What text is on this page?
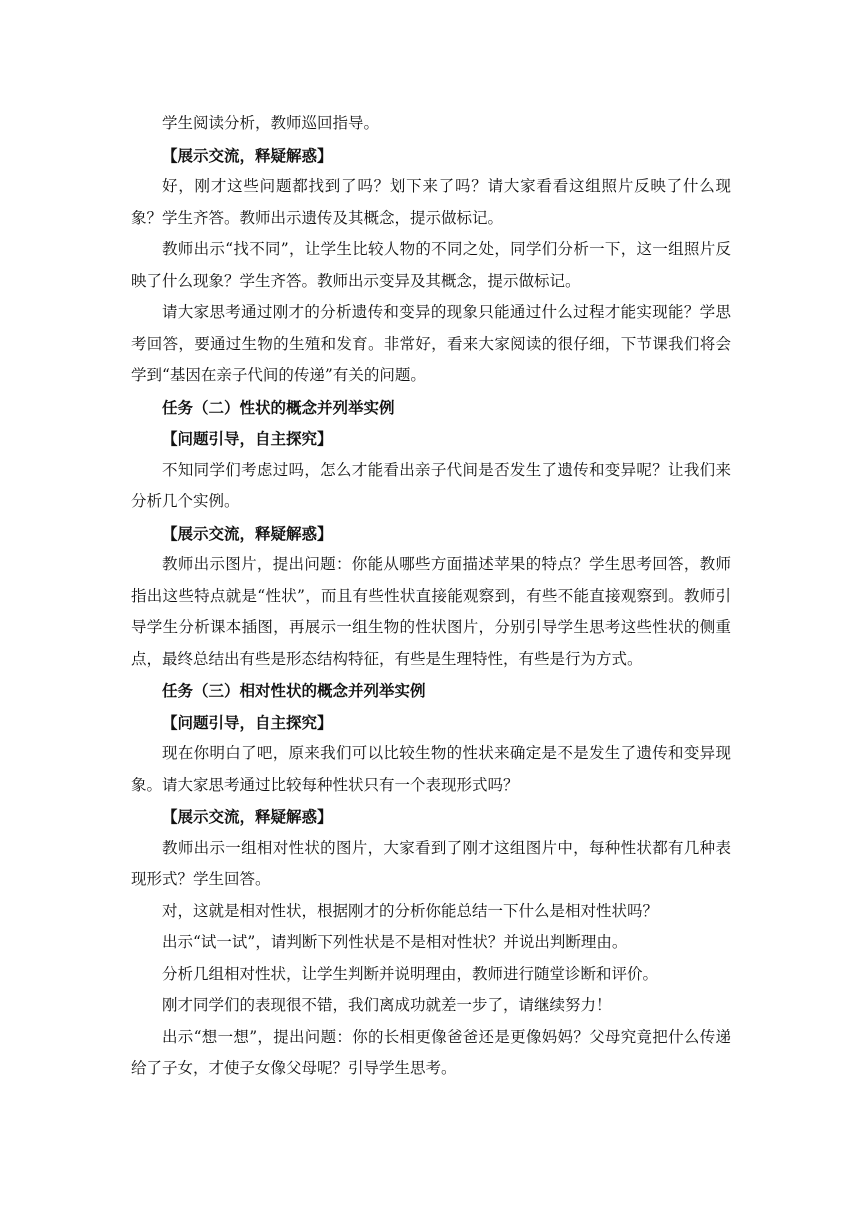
学生阅读分析，教师巡回指导。

【展示交流，释疑解惑】

好，刚才这些问题都找到了吗？划下来了吗？请大家看看这组照片反映了什么现象？学生齐答。教师出示遗传及其概念，提示做标记。

教师出示“找不同”，让学生比较人物的不同之处，同学们分析一下，这一组照片反映了什么现象？学生齐答。教师出示变异及其概念，提示做标记。

请大家思考通过刚才的分析遗传和变异的现象只能通过什么过程才能实现能？学思考回答，要通过生物的生殖和发育。非常好，看来大家阅读的很仔细，下节课我们将会学到“基因在亲子代间的传递”有关的问题。

任务（二）性状的概念并列举实例

【问题引导，自主探究】

不知同学们考虑过吗，怎么才能看出亲子代间是否发生了遗传和变异呢？让我们来分析几个实例。

【展示交流，释疑解惑】

教师出示图片，提出问题：你能从哪些方面描述苹果的特点？学生思考回答，教师指出这些特点就是“性状”，而且有些性状直接能观察到，有些不能直接观察到。教师引导学生分析课本插图，再展示一组生物的性状图片，分别引导学生思考这些性状的侧重点，最终总结出有些是形态结构特征，有些是生理特性，有些是行为方式。

任务（三）相对性状的概念并列举实例

【问题引导，自主探究】

现在你明白了吧，原来我们可以比较生物的性状来确定是不是发生了遗传和变异现象。请大家思考通过比较每种性状只有一个表现形式吗？

【展示交流，释疑解惑】

教师出示一组相对性状的图片，大家看到了刚才这组图片中，每种性状都有几种表现形式？学生回答。

对，这就是相对性状，根据刚才的分析你能总结一下什么是相对性状吗？

出示“试一试”，请判断下列性状是不是相对性状？并说出判断理由。

分析几组相对性状，让学生判断并说明理由，教师进行随堂诊断和评价。

刚才同学们的表现很不错，我们离成功就差一步了，请继续努力！

出示“想一想”，提出问题：你的长相更像爸爸还是更像妈妈？父母究竟把什么传递给了子女，才使子女像父母呢？引导学生思考。
